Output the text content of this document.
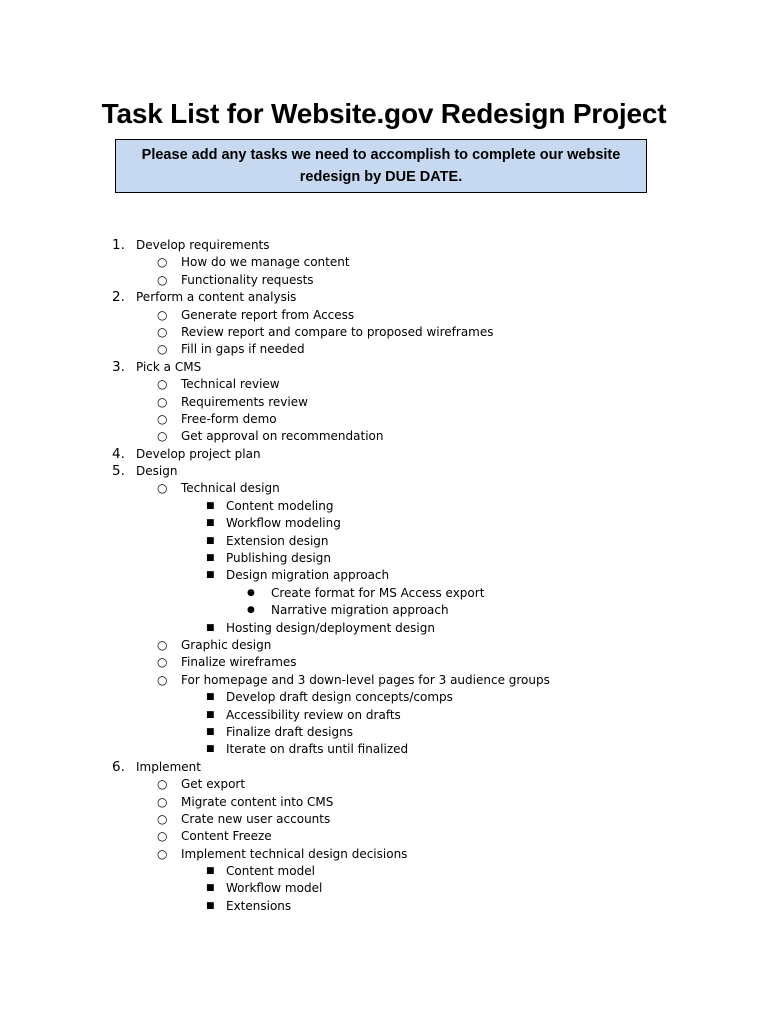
Task List for Website.gov Redesign Project
Please add any tasks we need to accomplish to complete our website redesign by DUE DATE.
1. Develop requirements
○ How do we manage content
○ Functionality requests
2. Perform a content analysis
○ Generate report from Access
○ Review report and compare to proposed wireframes
○ Fill in gaps if needed
3. Pick a CMS
○ Technical review
○ Requirements review
○ Free-form demo
○ Get approval on recommendation
4. Develop project plan
5. Design
○ Technical design
■ Content modeling
■ Workflow modeling
■ Extension design
■ Publishing design
■ Design migration approach
● Create format for MS Access export
● Narrative migration approach
■ Hosting design/deployment design
○ Graphic design
○ Finalize wireframes
○ For homepage and 3 down-level pages for 3 audience groups
■ Develop draft design concepts/comps
■ Accessibility review on drafts
■ Finalize draft designs
■ Iterate on drafts until finalized
6. Implement
○ Get export
○ Migrate content into CMS
○ Crate new user accounts
○ Content Freeze
○ Implement technical design decisions
■ Content model
■ Workflow model
■ Extensions
